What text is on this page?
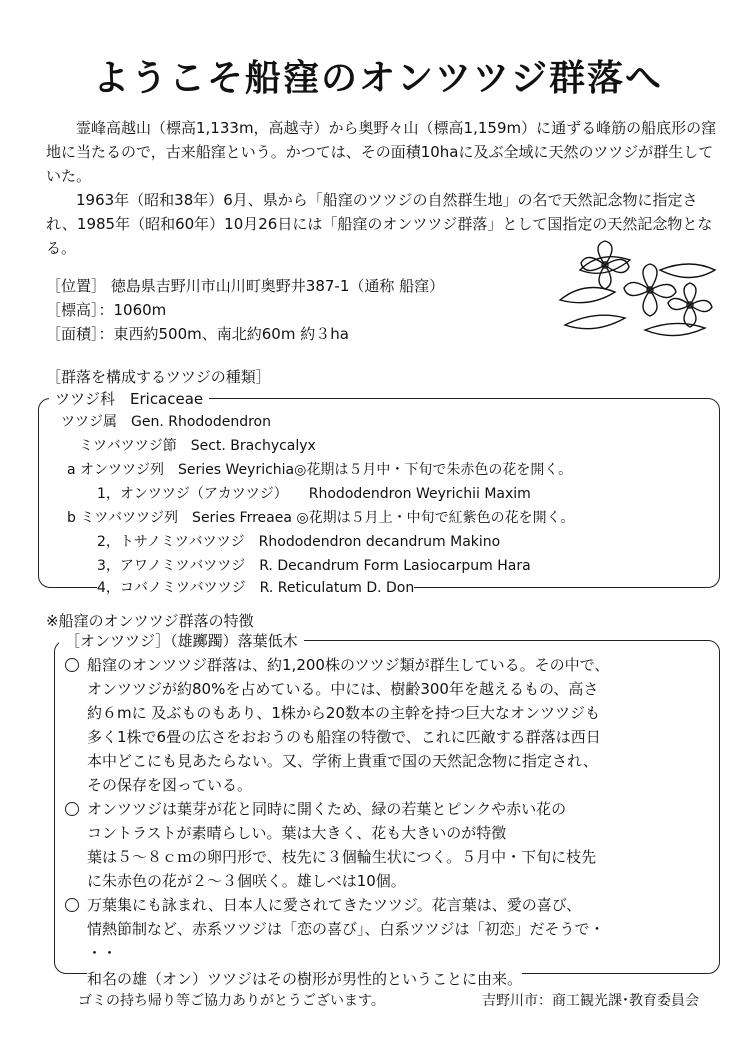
ようこそ船窪のオンツツジ群落へ

霊峰高越山（標高1,133m，高越寺）から奥野々山（標高1,159m）に通ずる峰筋の船底形の窪地に当たるので，古来船窪という。かつては、その面積10haに及ぶ全域に天然のツツジが群生していた。

1963年（昭和38年）6月、県から「船窪のツツジの自然群生地」の名で天然記念物に指定され、1985年（昭和60年）10月26日には「船窪のオンツツジ群落」として国指定の天然記念物となる。

［位置］ 徳島県吉野川市山川町奥野井387-1（通称 船窪）
［標高］：1060m
［面積］：東西約500m、南北約60m 約３ha
［群落を構成するツツジの種類］
ツツジ科　Ericaceae
ツツジ属　Gen. Rhododendron
ミツバツツジ節　Sect. Brachycalyx
a オンツツジ列　Series Weyrichia◎花期は５月中・下旬で朱赤色の花を開く。
1，オンツツジ（アカツツジ）　　Rhododendron Weyrichii Maxim
b ミツバツツジ列　Series Frreaea ◎花期は５月上・中旬で紅紫色の花を開く。
2，トサノミツバツツジ　Rhododendron decandrum Makino
3，アワノミツバツツジ　R. Decandrum Form Lasiocarpum Hara
4，コバノミツバツツジ　R. Reticulatum D. Don
※船窪のオンツツジ群落の特徴
［オンツツジ］（雄躑躅）落葉低木
船窪のオンツツジ群落は、約1,200株のツツジ類が群生している。その中で、
オンツツジが約80%を占めている。中には、樹齢300年を越えるもの、高さ
約６mに 及ぶものもあり、1株から20数本の主幹を持つ巨大なオンツツジも
多く1株で6畳の広さをおおうのも船窪の特徴で、これに匹敵する群落は西日
本中どこにも見あたらない。又、学術上貴重で国の天然記念物に指定され、
その保存を図っている。
オンツツジは葉芽が花と同時に開くため、緑の若葉とピンクや赤い花の
コントラストが素晴らしい。葉は大きく、花も大きいのが特徴
葉は５～８ｃｍの卵円形で、枝先に３個輪生状につく。５月中・下旬に枝先
に朱赤色の花が２～３個咲く。雄しべは10個。
万葉集にも詠まれ、日本人に愛されてきたツツジ。花言葉は、愛の喜び、
情熱節制など、赤系ツツジは「恋の喜び」、白系ツツジは「初恋」だそうで・
・・
和名の雄（オン）ツツジはその樹形が男性的ということに由来。
ゴミの持ち帰り等ご協力ありがとうございます。	吉野川市：商工観光課･教育委員会
